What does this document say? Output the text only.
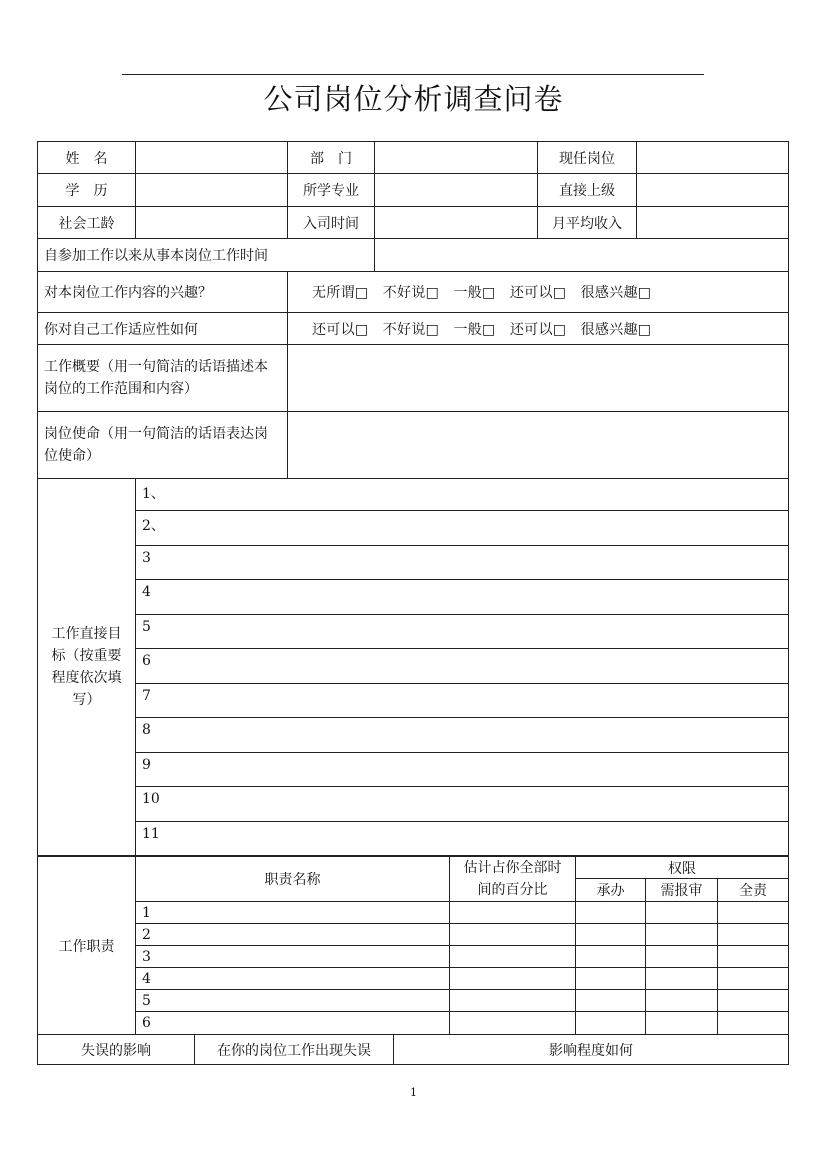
公司岗位分析调查问卷
姓　名		部　门		现任岗位	
学　历		所学专业		直接上级	
社会工龄		入司时间		月平均收入	
自参加工作以来从事本岗位工作时间					
对本岗位工作内容的兴趣？		无所谓□　不好说□　一般□　还可以□　很感兴趣□			
你对自己工作适应性如何		还可以□　不好说□　一般□　还可以□　很感兴趣□			
工作概要（用一句简洁的话语描述本岗位的工作范围和内容）					
岗位使命（用一句简洁的话语表达岗位使命）					
工作直接目标（按重要程度依次填写）	1、
2、
3
4
5
6
7
8
9
10
11
工作职责	职责名称	估计占你全部时间的百分比	权限		
			承办	需报审	全责
	1				
	2				
	3				
	4				
	5				
	6				
失误的影响	在你的岗位工作出现失误	影响程度如何
1
